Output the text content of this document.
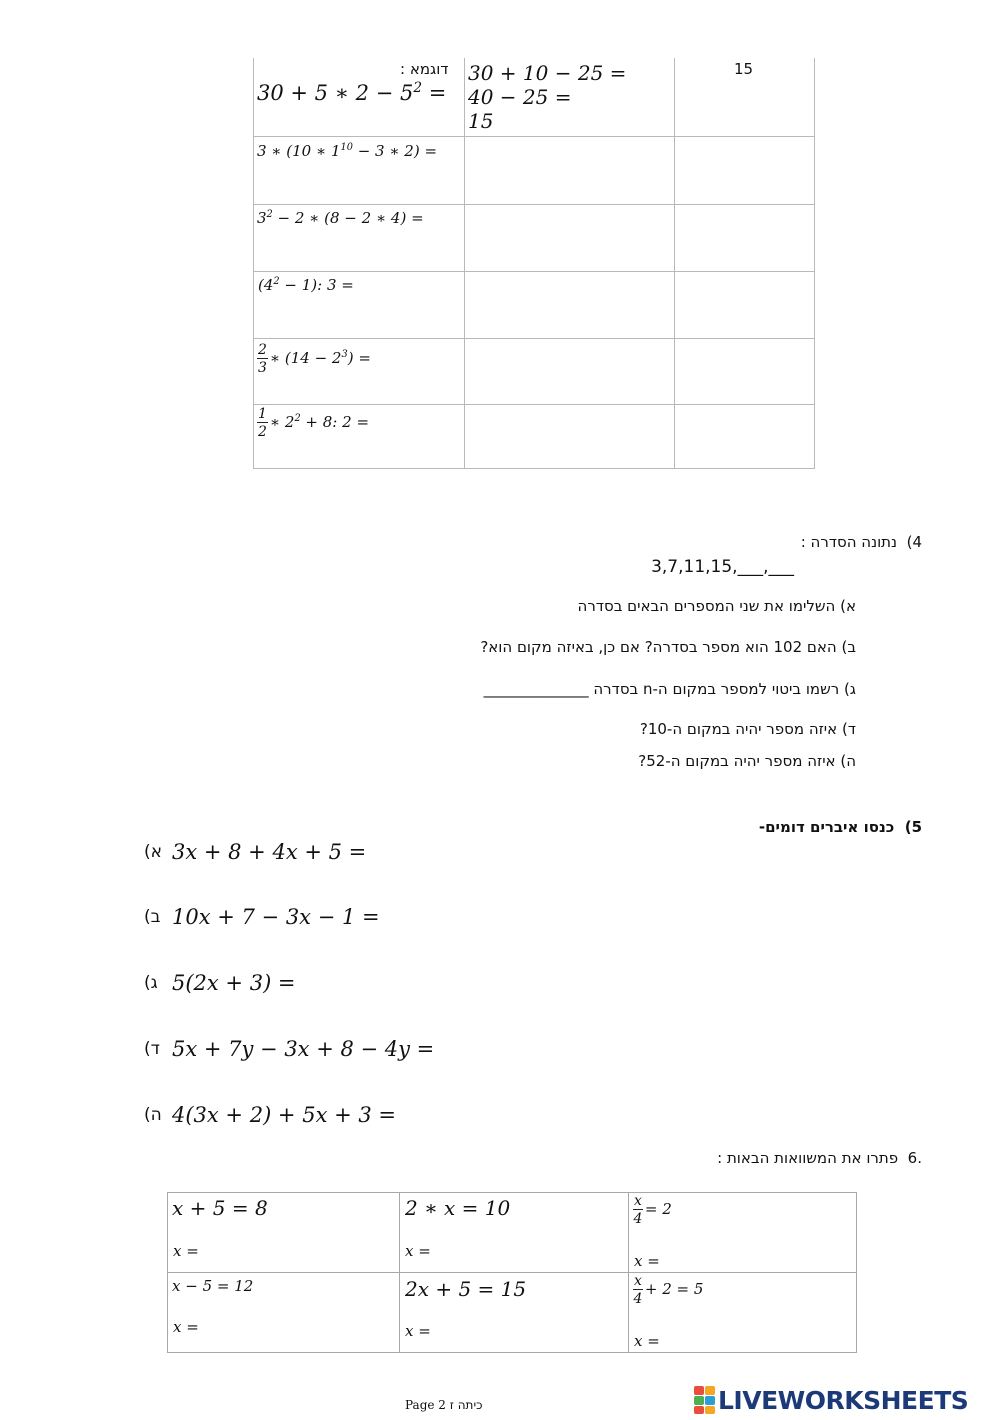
דוגמא :
30 + 5 ∗ $2 - 5^2$ =
30 + 10 − 25 =
40 − 25 =
15
15
3 ∗ (10 ∗ $1^{10} - 3$ ∗ 2) =
$3^2 - 2$ ∗ (8 − 2 ∗ 4) =
$(4^2 - 1)$: 3 =
$\frac{2}{3}$ ∗ $(14 - 2^3)$ =
$\frac{1}{2}$ ∗ $2^2 + 8$: 2 =
4)  נתונה הסדרה :
3,7,11,15,___,___
א) השלימו את שני המספרים הבאים בסדרה
ב) האם 102 הוא מספר בסדרה? אם כן, באיזה מקום הוא?
ג) רשמו ביטוי למספר במקום ה-n בסדרה ______________
ד) איזה מספר יהיה במקום ה-10?
ה) איזה מספר יהיה במקום ה-52?
5)  כנסו איברים דומים-
א) 3x + 8 + 4x + 5 =
ב) 10x + 7 − 3x − 1 =
ג) 5(2x + 3) =
ד) 5x + 7y − 3x + 8 − 4y =
ה) 4(3x + 2) + 5x + 3 =
.6  פתרו את המשוואות הבאות :
x + 5 = 8
x =
2 ∗ x = 10
x =
$\frac{x}{4} = 2$
x =
x − 5 = 12
x =
2x + 5 = 15
x =
$\frac{x}{4} + 2 = 5$
x =
Page 2 כיתה ז	LIVEWORKSHEETS
